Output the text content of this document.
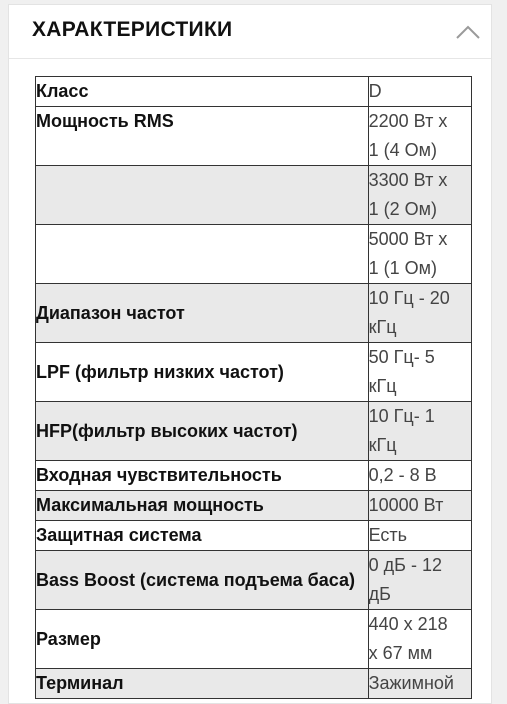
ХАРАКТЕРИСТИКИ
Класс	D

Мощность RMS	2200 Вт х
1 (4 Ом)

	3300 Вт х
1 (2 Ом)

	5000 Вт х
1 (1 Ом)

Диапазон частот	10 Гц - 20
кГц

LPF (фильтр низких частот)	50 Гц- 5
кГц

HFP(фильтр высоких частот)	10 Гц- 1
кГц

Входная чувствительность	0,2 - 8 В

Максимальная мощность	10000 Вт

Защитная система	Есть

Bass Boost (система подъема баса)	0 дБ - 12
дБ

Размер	440 х 218
х 67 мм

Терминал	Зажимной
